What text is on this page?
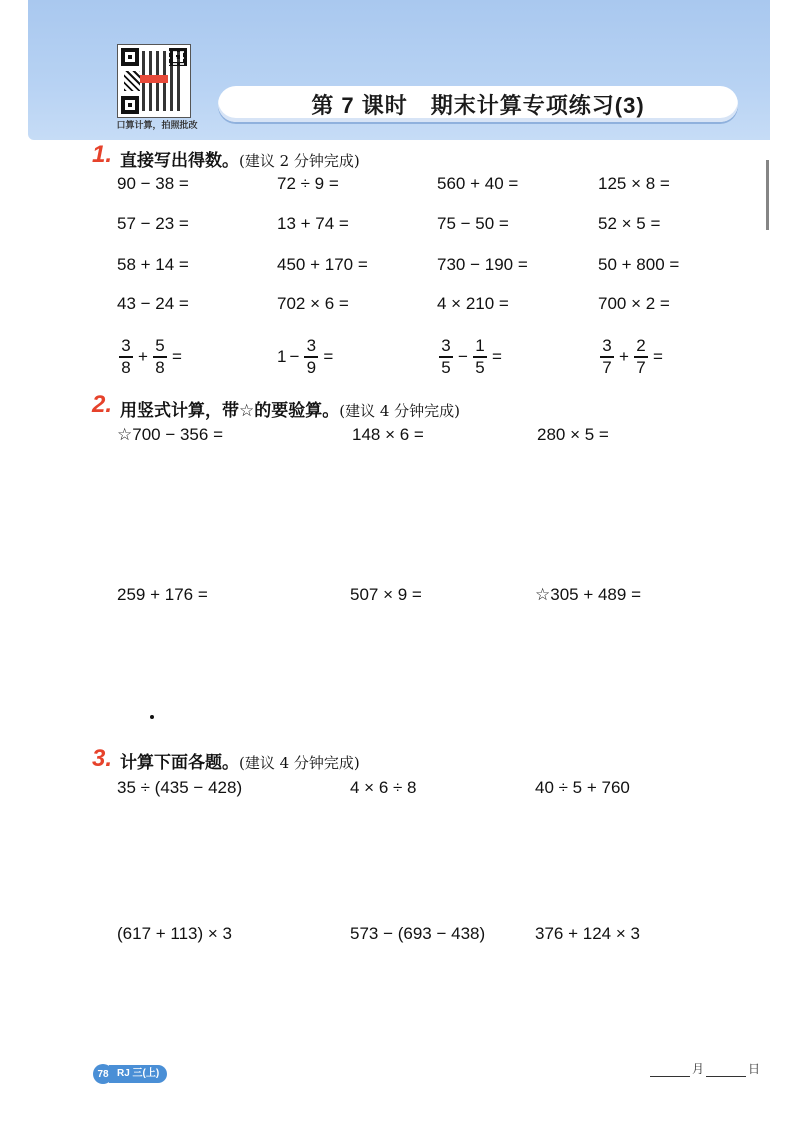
口算计算，拍照批改
第 7 课时　期末计算专项练习(3)
1. 直接写出得数。(建议 2 分钟完成)
90 − 38 =	72 ÷ 9 =	560 + 40 =	125 × 8 =
57 − 23 =	13 + 74 =	75 − 50 =	52 × 5 =
58 + 14 =	450 + 170 =	730 − 190 =	50 + 800 =
43 − 24 =	702 × 6 =	4 × 210 =	700 × 2 =
$\frac{3}{8} + \frac{5}{8}$ =	$1 - \frac{3}{9}$ =	$\frac{3}{5} - \frac{1}{5}$ =	$\frac{3}{7} + \frac{2}{7}$ =
2. 用竖式计算，带☆的要验算。(建议 4 分钟完成)
☆700 − 356 =	148 × 6 =	280 × 5 =
259 + 176 =	507 × 9 =	☆305 + 489 =
3. 计算下面各题。(建议 4 分钟完成)
35 ÷ (435 − 428)	4 × 6 ÷ 8	40 ÷ 5 + 760
(617 + 113) × 3	573 − (693 − 438)	376 + 124 × 3
78 RJ 三(上)	月	日
